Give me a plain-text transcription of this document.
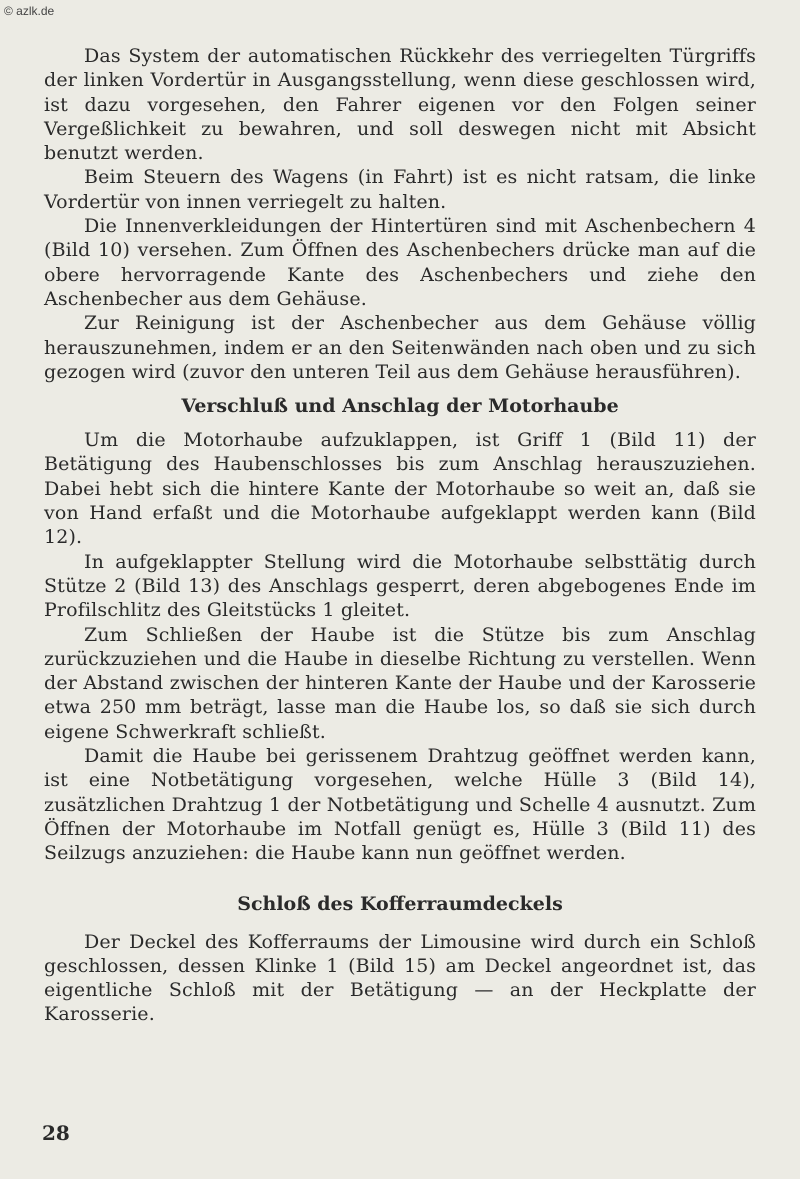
© azlk.de

Das System der automatischen Rückkehr des verriegelten Türgriffs der linken Vordertür in Ausgangsstellung, wenn diese geschlossen wird, ist dazu vorgesehen, den Fahrer eigenen vor den Folgen seiner Vergeßlichkeit zu bewahren, und soll deswegen nicht mit Absicht benutzt werden.

Beim Steuern des Wagens (in Fahrt) ist es nicht ratsam, die linke Vordertür von innen verriegelt zu halten.

Die Innenverkleidungen der Hintertüren sind mit Aschenbechern 4 (Bild 10) versehen. Zum Öffnen des Aschenbechers drücke man auf die obere hervorragende Kante des Aschenbechers und ziehe den Aschenbecher aus dem Gehäuse.

Zur Reinigung ist der Aschenbecher aus dem Gehäuse völlig herauszunehmen, indem er an den Seitenwänden nach oben und zu sich gezogen wird (zuvor den unteren Teil aus dem Gehäuse herausführen).

Verschluß und Anschlag der Motorhaube

Um die Motorhaube aufzuklappen, ist Griff 1 (Bild 11) der Betätigung des Haubenschlosses bis zum Anschlag herauszuziehen. Dabei hebt sich die hintere Kante der Motorhaube so weit an, daß sie von Hand erfaßt und die Motorhaube aufgeklappt werden kann (Bild 12).

In aufgeklappter Stellung wird die Motorhaube selbsttätig durch Stütze 2 (Bild 13) des Anschlags gesperrt, deren abgebogenes Ende im Profilschlitz des Gleitstücks 1 gleitet.

Zum Schließen der Haube ist die Stütze bis zum Anschlag zurückzuziehen und die Haube in dieselbe Richtung zu verstellen. Wenn der Abstand zwischen der hinteren Kante der Haube und der Karosserie etwa 250 mm beträgt, lasse man die Haube los, so daß sie sich durch eigene Schwerkraft schließt.

Damit die Haube bei gerissenem Drahtzug geöffnet werden kann, ist eine Notbetätigung vorgesehen, welche Hülle 3 (Bild 14), zusätzlichen Drahtzug 1 der Notbetätigung und Schelle 4 ausnutzt. Zum Öffnen der Motorhaube im Notfall genügt es, Hülle 3 (Bild 11) des Seilzugs anzuziehen: die Haube kann nun geöffnet werden.

Schloß des Kofferraumdeckels

Der Deckel des Kofferraums der Limousine wird durch ein Schloß geschlossen, dessen Klinke 1 (Bild 15) am Deckel angeordnet ist, das eigentliche Schloß mit der Betätigung — an der Heckplatte der Karosserie.

28
